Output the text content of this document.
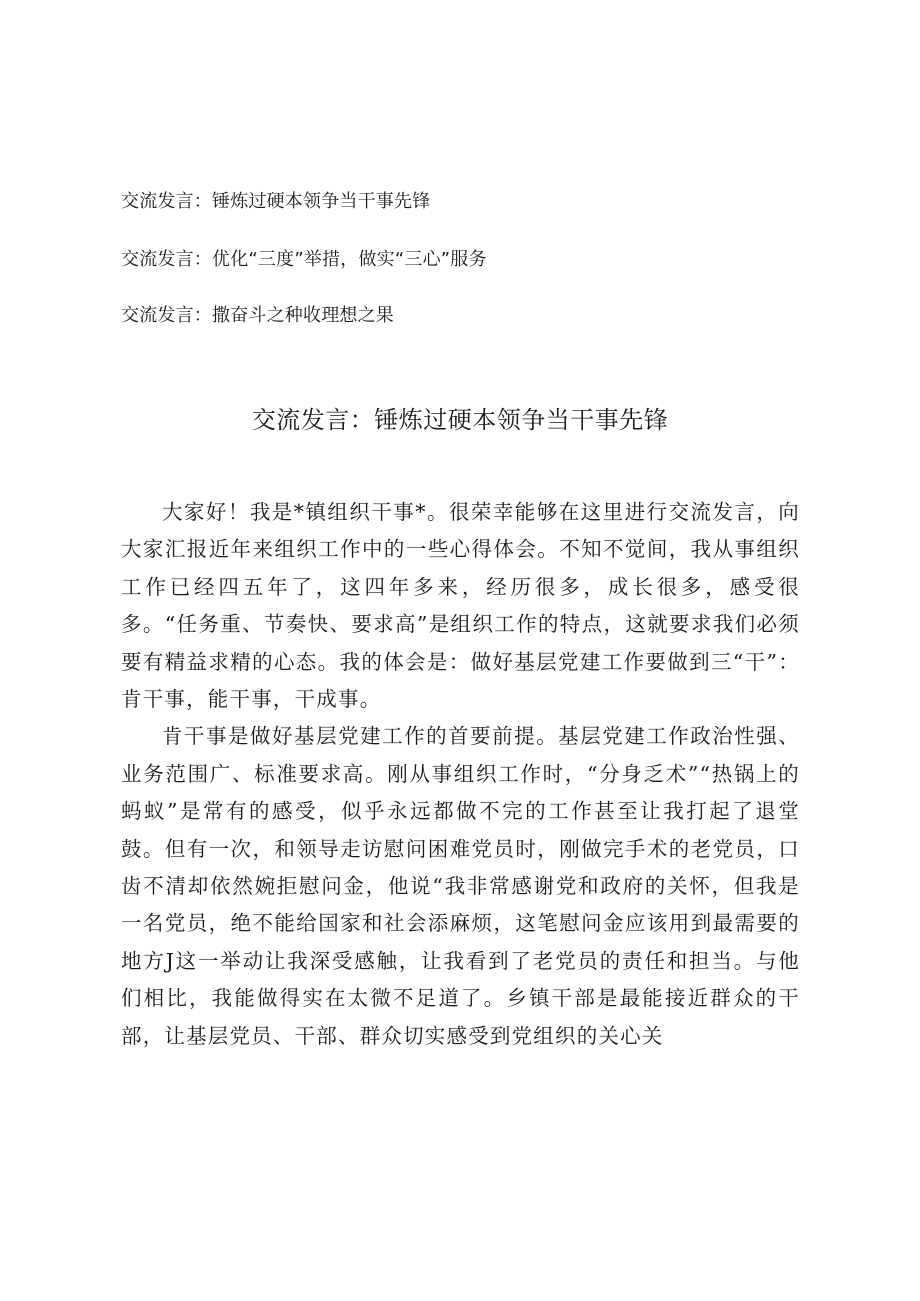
交流发言：锤炼过硬本领争当干事先锋
交流发言：优化“三度”举措，做实“三心”服务
交流发言：撒奋斗之种收理想之果
交流发言：锤炼过硬本领争当干事先锋

大家好！我是*镇组织干事*。很荣幸能够在这里进行交流发言，向大家汇报近年来组织工作中的一些心得体会。不知不觉间，我从事组织工作已经四五年了，这四年多来，经历很多，成长很多，感受很多。“任务重、节奏快、要求高”是组织工作的特点，这就要求我们必须要有精益求精的心态。我的体会是：做好基层党建工作要做到三“干”：肯干事，能干事，干成事。

肯干事是做好基层党建工作的首要前提。基层党建工作政治性强、业务范围广、标准要求高。刚从事组织工作时，“分身乏术”“热锅上的蚂蚁”是常有的感受，似乎永远都做不完的工作甚至让我打起了退堂鼓。但有一次，和领导走访慰问困难党员时，刚做完手术的老党员，口齿不清却依然婉拒慰问金，他说“我非常感谢党和政府的关怀，但我是一名党员，绝不能给国家和社会添麻烦，这笔慰问金应该用到最需要的地方J这一举动让我深受感触，让我看到了老党员的责任和担当。与他们相比，我能做得实在太微不足道了。乡镇干部是最能接近群众的干部，让基层党员、干部、群众切实感受到党组织的关心关
